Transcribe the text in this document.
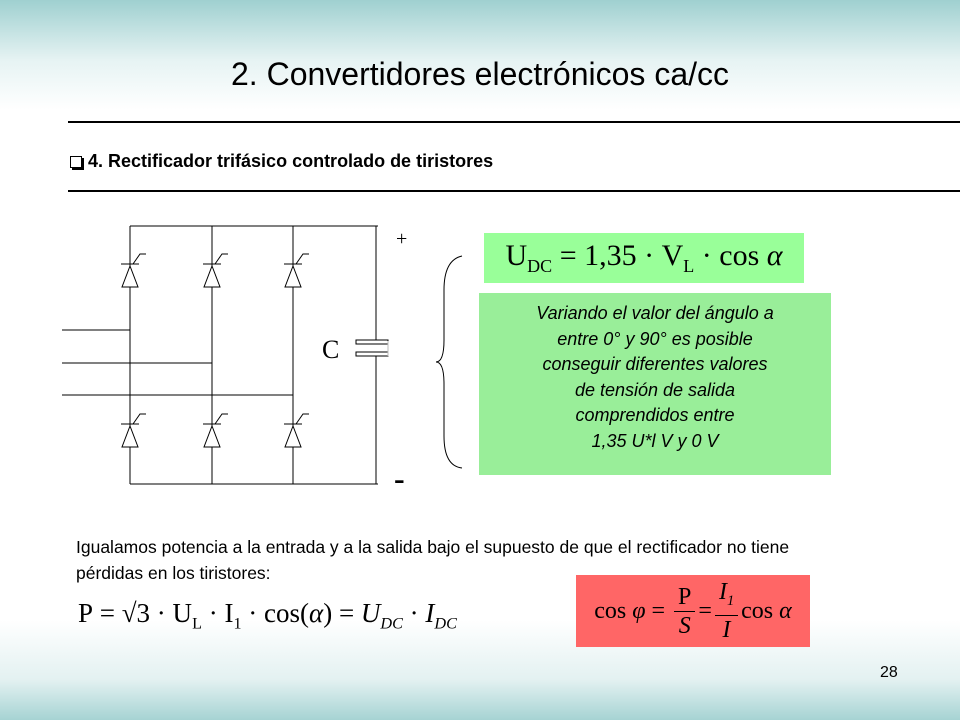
2. Convertidores electrónicos ca/cc
4. Rectificador trifásico controlado de tiristores
+
-
C
$U_{DC} = 1,35 \cdot V_L \cdot \cos \alpha$
Variando el valor del ángulo a
entre 0° y 90° es posible
conseguir diferentes valores
de tensión de salida
comprendidos entre
1,35 U*l V y 0 V
Igualamos potencia a la entrada y a la salida bajo el supuesto de que el rectificador no tiene pérdidas en los tiristores:
$P = √3 \cdot U_L \cdot I_1 \cdot \cos(\alpha) = U_{DC} \cdot I_{DC}$	$\cos \varphi = \frac{P}{S} = \frac{I_1}{I}$ cos α
28
